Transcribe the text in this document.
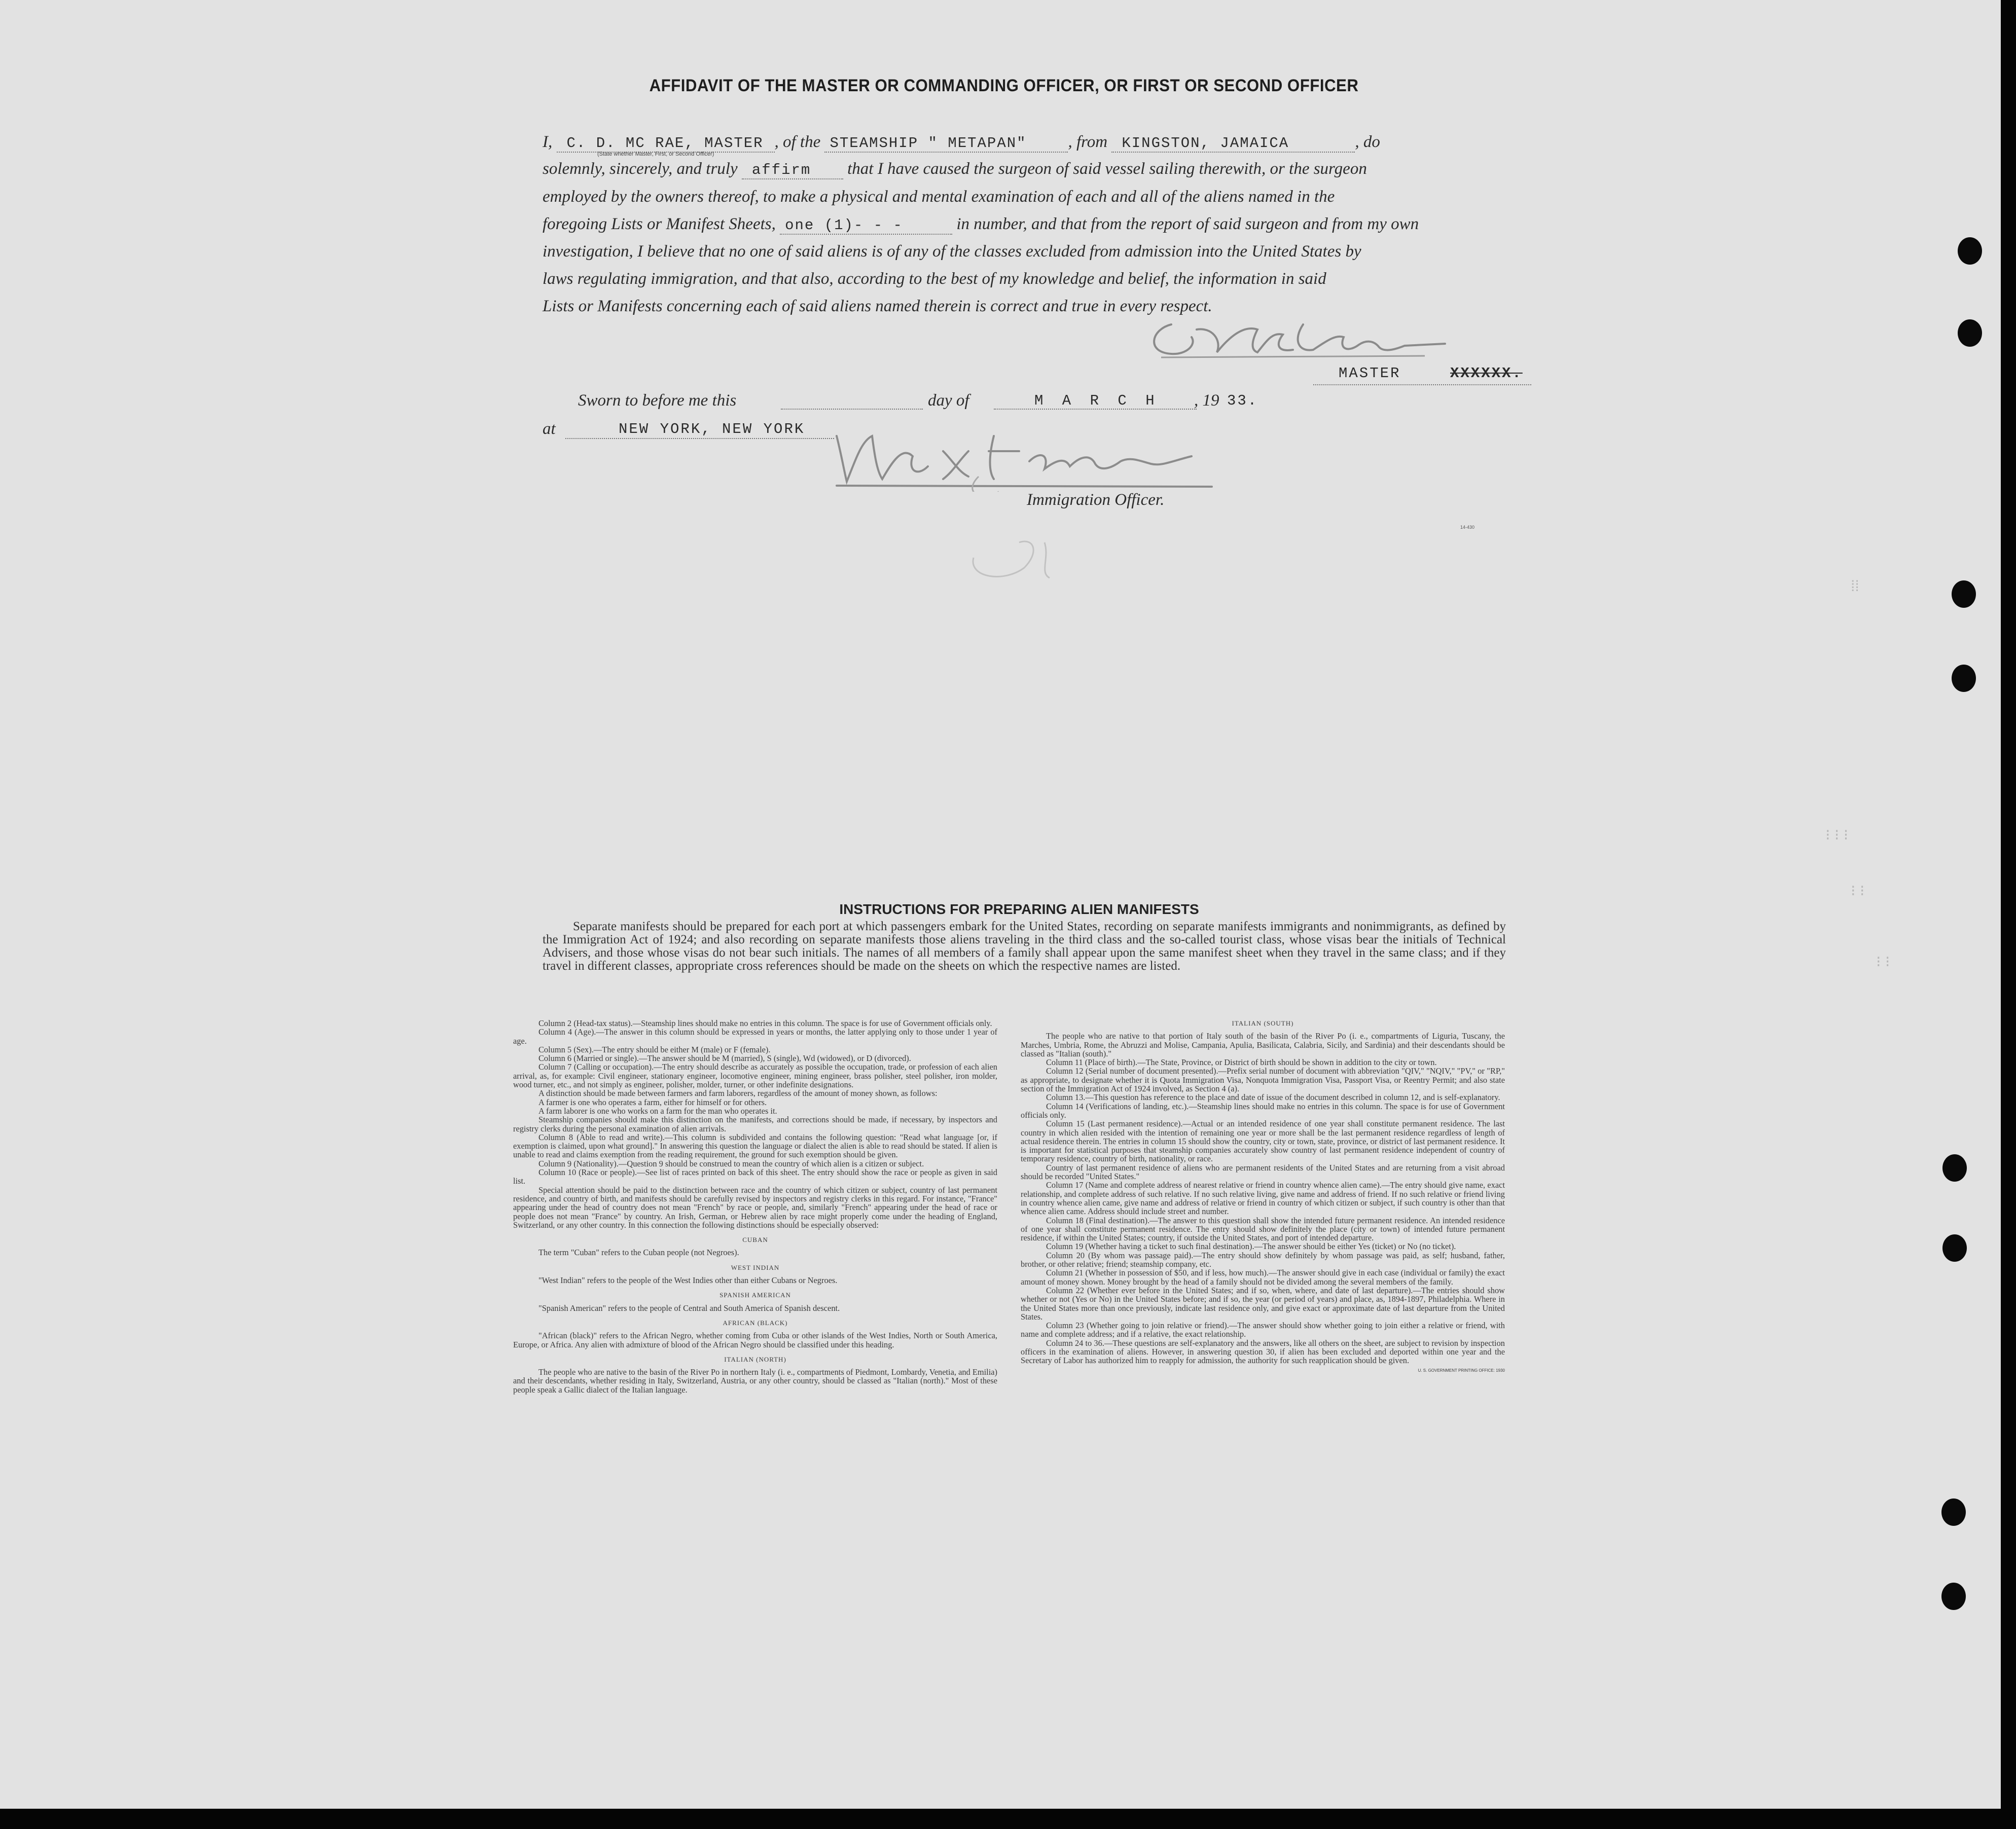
⁝ ⁝ ⁝
⁝ ⁝
⁝ ⁝
⁞⁞
AFFIDAVIT OF THE MASTER OR COMMANDING OFFICER, OR FIRST OR SECOND OFFICER
I, C. D. MC RAE, MASTER , of the STEAMSHIP " METAPAN" , from KINGSTON, JAMAICA	, do
(State whether Master, First, or Second Officer)
solemnly, sincerely, and truly affirm that I have caused the surgeon of said vessel sailing therewith, or the surgeon
employed by the owners thereof, to make a physical and mental examination of each and all of the aliens named in the
foregoing Lists or Manifest Sheets, one (1)- - -	in number, and that from the report of said surgeon and from my own
investigation, I believe that no one of said aliens is of any of the classes excluded from admission into the United States by
laws regulating immigration, and that also, according to the best of my knowledge and belief, the information in said
Lists or Manifests concerning each of said aliens named therein is correct and true in every respect.
MASTER	XXXXXX.
Sworn to before me this	day of	M A R C H , 19 33.
at	NEW YORK, NEW YORK
Immigration Officer.
14-430
INSTRUCTIONS FOR PREPARING ALIEN MANIFESTS
Separate manifests should be prepared for each port at which passengers embark for the United States, recording on separate manifests immigrants and nonimmigrants, as defined by the Immigration Act of 1924; and also recording on separate manifests those aliens traveling in the third class and the so-called tourist class, whose visas bear the initials of Technical Advisers, and those whose visas do not bear such initials. The names of all members of a family shall appear upon the same manifest sheet when they travel in the same class; and if they travel in different classes, appropriate cross references should be made on the sheets on which the respective names are listed.

Column 2 (Head-tax status).—Steamship lines should make no entries in this column. The space is for use of Government officials only.

Column 4 (Age).—The answer in this column should be expressed in years or months, the latter applying only to those under 1 year of age.

Column 5 (Sex).—The entry should be either M (male) or F (female).

Column 6 (Married or single).—The answer should be M (married), S (single), Wd (widowed), or D (divorced).

Column 7 (Calling or occupation).—The entry should describe as accurately as possible the occupation, trade, or profession of each alien arrival, as, for example: Civil engineer, stationary engineer, locomotive engineer, mining engineer, brass polisher, steel polisher, iron molder, wood turner, etc., and not simply as engineer, polisher, molder, turner, or other indefinite designations.

A distinction should be made between farmers and farm laborers, regardless of the amount of money shown, as follows:

A farmer is one who operates a farm, either for himself or for others.

A farm laborer is one who works on a farm for the man who operates it.

Steamship companies should make this distinction on the manifests, and corrections should be made, if necessary, by inspectors and registry clerks during the personal examination of alien arrivals.

Column 8 (Able to read and write).—This column is subdivided and contains the following question: "Read what language [or, if exemption is claimed, upon what ground]." In answering this question the language or dialect the alien is able to read should be stated. If alien is unable to read and claims exemption from the reading requirement, the ground for such exemption should be given.

Column 9 (Nationality).—Question 9 should be construed to mean the country of which alien is a citizen or subject.

Column 10 (Race or people).—See list of races printed on back of this sheet. The entry should show the race or people as given in said list.

Special attention should be paid to the distinction between race and the country of which citizen or subject, country of last permanent residence, and country of birth, and manifests should be carefully revised by inspectors and registry clerks in this regard. For instance, "France" appearing under the head of country does not mean "French" by race or people, and, similarly "French" appearing under the head of race or people does not mean "France" by country. An Irish, German, or Hebrew alien by race might properly come under the heading of England, Switzerland, or any other country. In this connection the following distinctions should be especially observed:

CUBAN

The term "Cuban" refers to the Cuban people (not Negroes).

WEST INDIAN

"West Indian" refers to the people of the West Indies other than either Cubans or Negroes.

SPANISH AMERICAN

"Spanish American" refers to the people of Central and South America of Spanish descent.

AFRICAN (BLACK)

"African (black)" refers to the African Negro, whether coming from Cuba or other islands of the West Indies, North or South America, Europe, or Africa. Any alien with admixture of blood of the African Negro should be classified under this heading.

ITALIAN (NORTH)

The people who are native to the basin of the River Po in northern Italy (i. e., compartments of Piedmont, Lombardy, Venetia, and Emilia) and their descendants, whether residing in Italy, Switzerland, Austria, or any other country, should be classed as "Italian (north)." Most of these people speak a Gallic dialect of the Italian language.

ITALIAN (SOUTH)

The people who are native to that portion of Italy south of the basin of the River Po (i. e., compartments of Liguria, Tuscany, the Marches, Umbria, Rome, the Abruzzi and Molise, Campania, Apulia, Basilicata, Calabria, Sicily, and Sardinia) and their descendants should be classed as "Italian (south)."

Column 11 (Place of birth).—The State, Province, or District of birth should be shown in addition to the city or town.

Column 12 (Serial number of document presented).—Prefix serial number of document with abbreviation "QIV," "NQIV," "PV," or "RP," as appropriate, to designate whether it is Quota Immigration Visa, Nonquota Immigration Visa, Passport Visa, or Reentry Permit; and also state section of the Immigration Act of 1924 involved, as Section 4 (a).

Column 13.—This question has reference to the place and date of issue of the document described in column 12, and is self-explanatory.

Column 14 (Verifications of landing, etc.).—Steamship lines should make no entries in this column. The space is for use of Government officials only.

Column 15 (Last permanent residence).—Actual or an intended residence of one year shall constitute permanent residence. The last country in which alien resided with the intention of remaining one year or more shall be the last permanent residence regardless of length of actual residence therein. The entries in column 15 should show the country, city or town, state, province, or district of last permanent residence. It is important for statistical purposes that steamship companies accurately show country of last permanent residence independent of country of temporary residence, country of birth, nationality, or race.

Country of last permanent residence of aliens who are permanent residents of the United States and are returning from a visit abroad should be recorded "United States."

Column 17 (Name and complete address of nearest relative or friend in country whence alien came).—The entry should give name, exact relationship, and complete address of such relative. If no such relative living, give name and address of friend. If no such relative or friend living in country whence alien came, give name and address of relative or friend in country of which citizen or subject, if such country is other than that whence alien came. Address should include street and number.

Column 18 (Final destination).—The answer to this question shall show the intended future permanent residence. An intended residence of one year shall constitute permanent residence. The entry should show definitely the place (city or town) of intended future permanent residence, if within the United States; country, if outside the United States, and port of intended departure.

Column 19 (Whether having a ticket to such final destination).—The answer should be either Yes (ticket) or No (no ticket).

Column 20 (By whom was passage paid).—The entry should show definitely by whom passage was paid, as self; husband, father, brother, or other relative; friend; steamship company, etc.

Column 21 (Whether in possession of $50, and if less, how much).—The answer should give in each case (individual or family) the exact amount of money shown. Money brought by the head of a family should not be divided among the several members of the family.

Column 22 (Whether ever before in the United States; and if so, when, where, and date of last departure).—The entries should show whether or not (Yes or No) in the United States before; and if so, the year (or period of years) and place, as, 1894-1897, Philadelphia. Where in the United States more than once previously, indicate last residence only, and give exact or approximate date of last departure from the United States.

Column 23 (Whether going to join relative or friend).—The answer should show whether going to join either a relative or friend, with name and complete address; and if a relative, the exact relationship.

Column 24 to 36.—These questions are self-explanatory and the answers, like all others on the sheet, are subject to revision by inspection officers in the examination of aliens. However, in answering question 30, if alien has been excluded and deported within one year and the Secretary of Labor has authorized him to reapply for admission, the authority for such reapplication should be given.

U. S. GOVERNMENT PRINTING OFFICE: 1930
